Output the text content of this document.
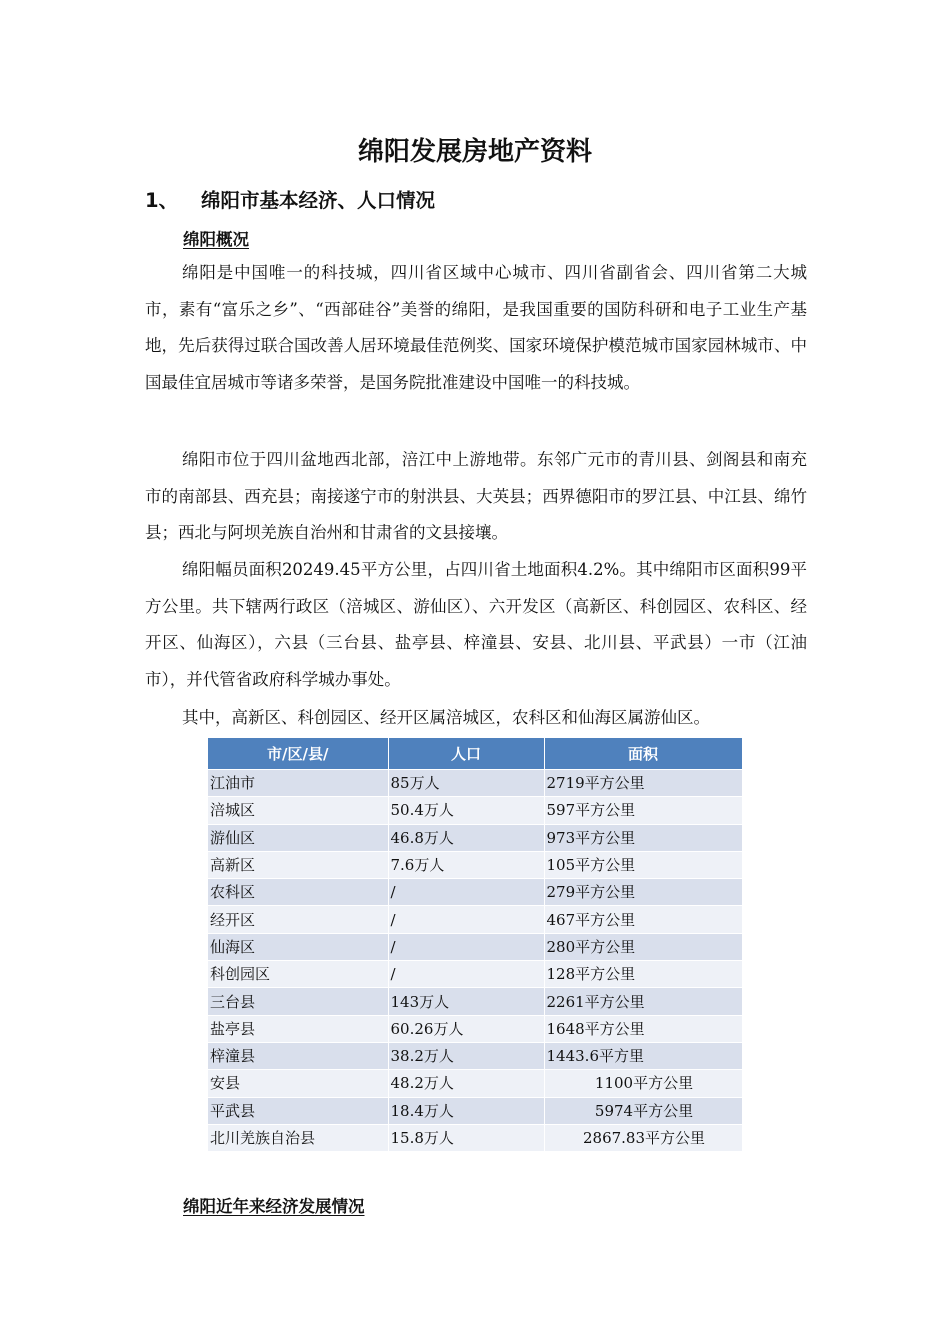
绵阳发展房地产资料
1、 绵阳市基本经济、人口情况
绵阳概况

绵阳是中国唯一的科技城，四川省区域中心城市、四川省副省会、四川省第二大城市，素有“富乐之乡”、“西部硅谷”美誉的绵阳，是我国重要的国防科研和电子工业生产基地，先后获得过联合国改善人居环境最佳范例奖、国家环境保护模范城市国家园林城市、中国最佳宜居城市等诸多荣誉，是国务院批准建设中国唯一的科技城。

绵阳市位于四川盆地西北部，涪江中上游地带。东邻广元市的青川县、剑阁县和南充市的南部县、西充县；南接遂宁市的射洪县、大英县；西界德阳市的罗江县、中江县、绵竹县；西北与阿坝羌族自治州和甘肃省的文县接壤。

绵阳幅员面积20249.45平方公里，占四川省土地面积4.2%。其中绵阳市区面积99平方公里。共下辖两行政区（涪城区、游仙区）、六开发区（高新区、科创园区、农科区、经开区、仙海区），六县（三台县、盐亭县、梓潼县、安县、北川县、平武县）一市（江油市），并代管省政府科学城办事处。

其中，高新区、科创园区、经开区属涪城区，农科区和仙海区属游仙区。

市/区/县/	人口	面积
江油市	85万人	2719平方公里
涪城区	50.4万人	597平方公里
游仙区	46.8万人	973平方公里
高新区	7.6万人	105平方公里
农科区	/	279平方公里
经开区	/	467平方公里
仙海区	/	280平方公里
科创园区	/	128平方公里
三台县	143万人	2261平方公里
盐亭县	60.26万人	1648平方公里
梓潼县	38.2万人	1443.6平方里
安县	48.2万人	1100平方公里
平武县	18.4万人	5974平方公里
北川羌族自治县	15.8万人	2867.83平方公里
绵阳近年来经济发展情况
